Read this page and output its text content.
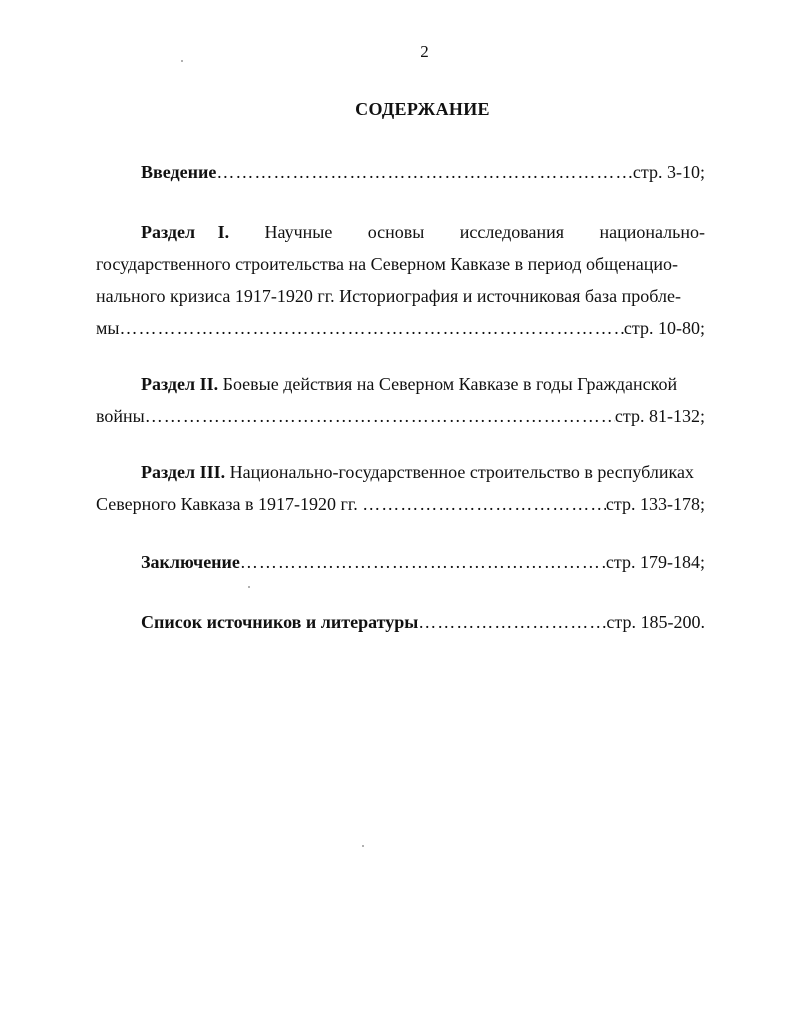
2
СОДЕРЖАНИЕ
Введение ……………………………………………………………………………………………………………………………………………………	стр. 3-10;
Раздел I. Научные основы исследования национально-
государственного строительства на Северном Кавказе в период общенацио-
нального кризиса 1917-1920 гг. Историография и источниковая база пробле-
мы ……………………………………………………………………………………………………………………………………………………	стр. 10-80;
Раздел II. Боевые действия на Северном Кавказе в годы Гражданской
войны ……………………………………………………………………………………………………………………………………………………	стр. 81-132;
Раздел III. Национально-государственное строительство в республиках
Северного Кавказа в 1917-1920 гг.
……………………………………………………………………………………………………………………………………………………	стр. 133-178;
Заключение ……………………………………………………………………………………………………………………………………………………	стр. 179-184;
Список источников и литературы ……………………………………………………………………………………………………………………………………………………	стр. 185-200.
